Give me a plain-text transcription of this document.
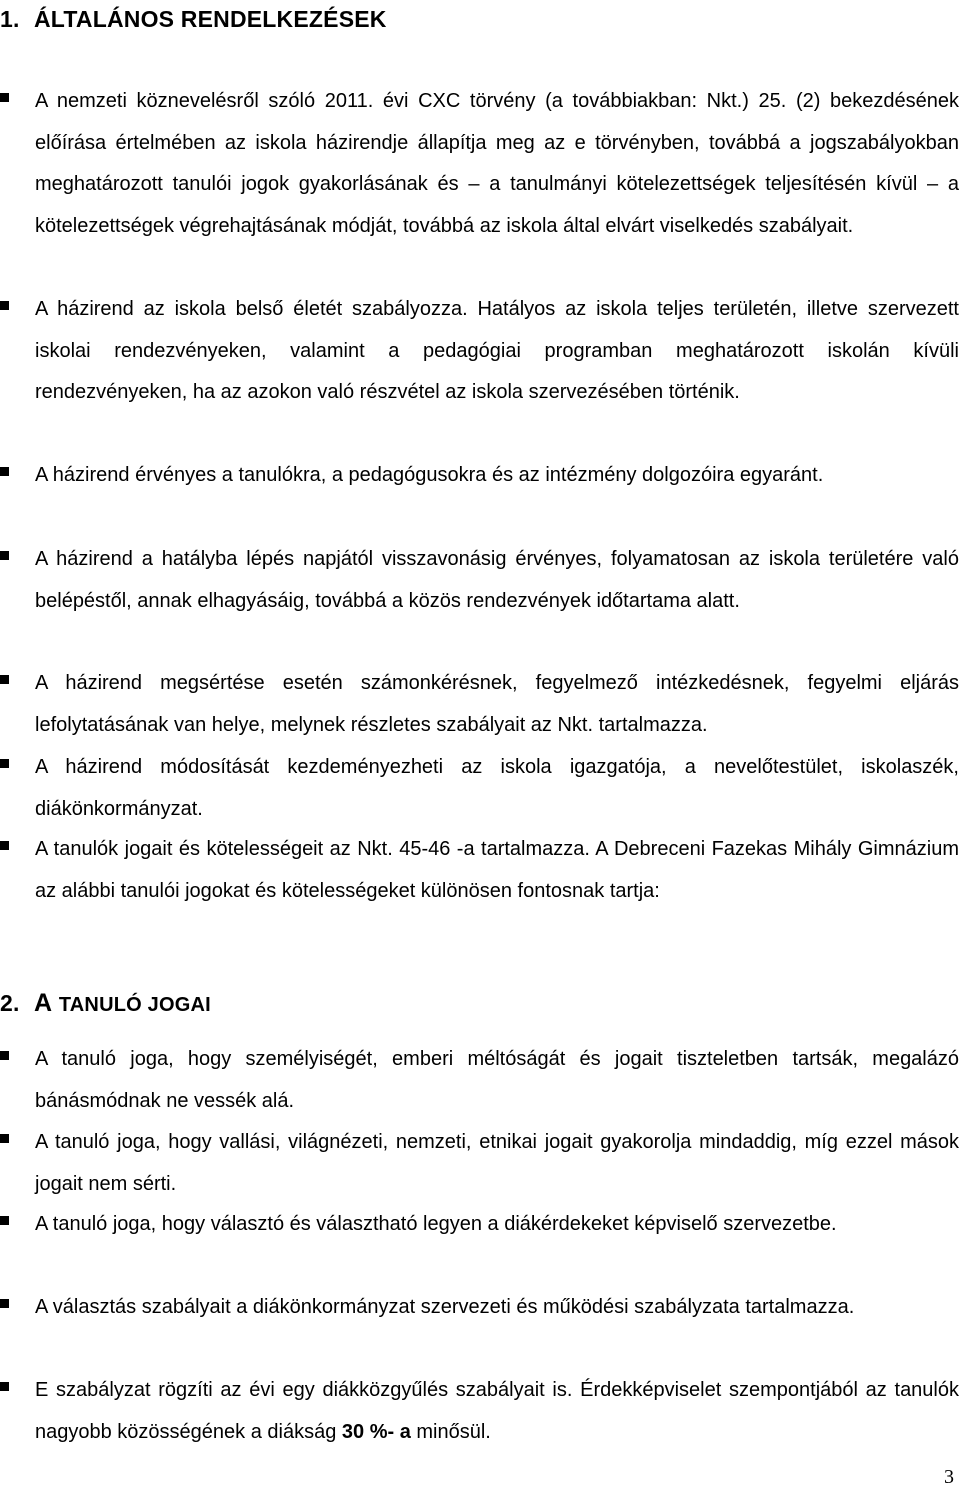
1. ÁLTALÁNOS RENDELKEZÉSEK
A nemzeti köznevelésről szóló 2011. évi CXC törvény (a továbbiakban: Nkt.) 25. (2) bekezdésének előírása értelmében az iskola házirendje állapítja meg az e törvényben, továbbá a jogszabályokban meghatározott tanulói jogok gyakorlásának és – a tanulmányi kötelezettségek teljesítésén kívül – a kötelezettségek végrehajtásának módját, továbbá az iskola által elvárt viselkedés szabályait.
A házirend az iskola belső életét szabályozza. Hatályos az iskola teljes területén, illetve szervezett iskolai rendezvényeken, valamint a pedagógiai programban meghatározott iskolán kívüli rendezvényeken, ha az azokon való részvétel az iskola szervezésében történik.
A házirend érvényes a tanulókra, a pedagógusokra és az intézmény dolgozóira egyaránt.
A házirend a hatályba lépés napjától visszavonásig érvényes, folyamatosan az iskola területére való belépéstől, annak elhagyásáig, továbbá a közös rendezvények időtartama alatt.
A házirend megsértése esetén számonkérésnek, fegyelmező intézkedésnek, fegyelmi eljárás lefolytatásának van helye, melynek részletes szabályait az Nkt. tartalmazza.
A házirend módosítását kezdeményezheti az iskola igazgatója, a nevelőtestület, iskolaszék, diákönkormányzat.
A tanulók jogait és kötelességeit az Nkt. 45-46 -a tartalmazza. A Debreceni Fazekas Mihály Gimnázium az alábbi tanulói jogokat és kötelességeket különösen fontosnak tartja:
2. A TANULÓ JOGAI
A tanuló joga, hogy személyiségét, emberi méltóságát és jogait tiszteletben tartsák, megalázó bánásmódnak ne vessék alá.
A tanuló joga, hogy vallási, világnézeti, nemzeti, etnikai jogait gyakorolja mindaddig, míg ezzel mások jogait nem sérti.
A tanuló joga, hogy választó és választható legyen a diákérdekeket képviselő szervezetbe.
A választás szabályait a diákönkormányzat szervezeti és működési szabályzata tartalmazza.
E szabályzat rögzíti az évi egy diákközgyűlés szabályait is. Érdekképviselet szempontjából az tanulók nagyobb közösségének a diákság 30 %- a minősül.
3
